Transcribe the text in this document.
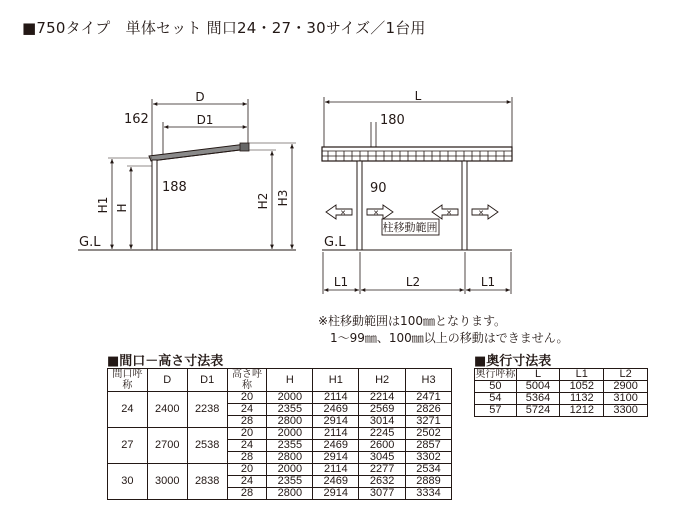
■750タイプ　単体セット 間口24・27・30サイズ／1台用
D
D1
162
188
G.L
H1 H	H2 H3
L
180
90
✕	✕	✕	✕
柱移動範囲
G.L
L1	L2	L1
※柱移動範囲は100㎜となります。
1～99㎜、100㎜以上の移動はできません。
■間口－高さ寸法表
間口呼称	D	D1	高さ呼称	H	H1	H2	H3
24	2400	2238	20	2000	2114	2214	2471
			24	2355	2469	2569	2826
			28	2800	2914	3014	3271
27	2700	2538	20	2000	2114	2245	2502
			24	2355	2469	2600	2857
			28	2800	2914	3045	3302
30	3000	2838	20	2000	2114	2277	2534
			24	2355	2469	2632	2889
			28	2800	2914	3077	3334
■奥行寸法表
奥行呼称	L	L1	L2
50	5004	1052	2900
54	5364	1132	3100
57	5724	1212	3300
